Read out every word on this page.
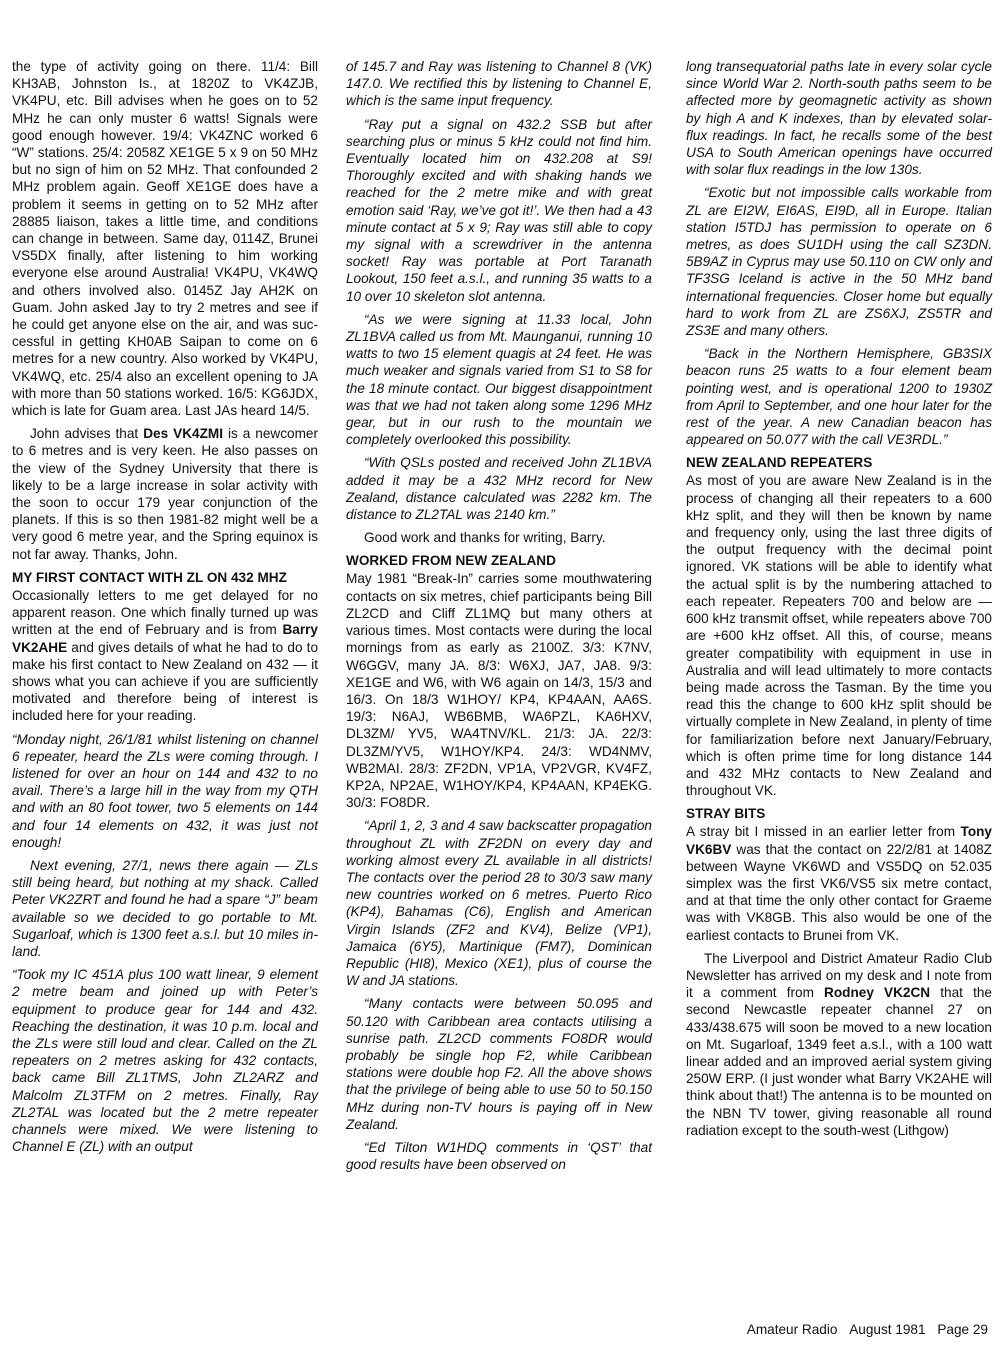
the type of activity going on there. 11/4: Bill KH3AB, Johnston Is., at 1820Z to VK4ZJB, VK4PU, etc. Bill advises when he goes on to 52 MHz he can only muster 6 watts! Signals were good enough however. 19/4: VK4ZNC worked 6 “W” stations. 25/4: 2058Z XE1GE 5 x 9 on 50 MHz but no sign of him on 52 MHz. That confounded 2 MHz problem again. Geoff XE1GE does have a problem it seems in getting on to 52 MHz after 28885 liaison, takes a little time, and conditions can change in between. Same day, 0114Z, Brunei VS5DX finally, after listening to him working everyone else around Australia! VK4PU, VK4WQ and others involved also. 0145Z Jay AH2K on Guam. John asked Jay to try 2 metres and see if he could get anyone else on the air, and was successful in getting KH0AB Saipan to come on 6 metres for a new country. Also worked by VK4PU, VK4WQ, etc. 25/4 also an excellent opening to JA with more than 50 stations worked. 16/5: KG6JDX, which is late for Guam area. Last JAs heard 14/5.

John advises that Des VK4ZMI is a newcomer to 6 metres and is very keen. He also passes on the view of the Sydney University that there is likely to be a large increase in solar activity with the soon to occur 179 year conjunction of the planets. If this is so then 1981-82 might well be a very good 6 metre year, and the Spring equinox is not far away. Thanks, John.

MY FIRST CONTACT WITH ZL ON 432 MHZ

Occasionally letters to me get delayed for no apparent reason. One which finally turned up was written at the end of February and is from Barry VK2AHE and gives details of what he had to do to make his first contact to New Zealand on 432 — it shows what you can achieve if you are sufficiently motivated and therefore being of interest is included here for your reading.

“Monday night, 26/1/81 whilst listening on channel 6 repeater, heard the ZLs were coming through. I listened for over an hour on 144 and 432 to no avail. There’s a large hill in the way from my QTH and with an 80 foot tower, two 5 elements on 144 and four 14 elements on 432, it was just not enough!

Next evening, 27/1, news there again — ZLs still being heard, but nothing at my shack. Called Peter VK2ZRT and found he had a spare “J” beam available so we decided to go portable to Mt. Sugarloaf, which is 1300 feet a.s.l. but 10 miles inland.

“Took my IC 451A plus 100 watt linear, 9 element 2 metre beam and joined up with Peter’s equipment to produce gear for 144 and 432. Reaching the destination, it was 10 p.m. local and the ZLs were still loud and clear. Called on the ZL repeaters on 2 metres asking for 432 contacts, back came Bill ZL1TMS, John ZL2ARZ and Malcolm ZL3TFM on 2 metres. Finally, Ray ZL2TAL was located but the 2 metre repeater channels were mixed. We were listening to Channel E (ZL) with an output

of 145.7 and Ray was listening to Channel 8 (VK) 147.0. We rectified this by listening to Channel E, which is the same input frequency.

“Ray put a signal on 432.2 SSB but after searching plus or minus 5 kHz could not find him. Eventually located him on 432.208 at S9! Thoroughly excited and with shaking hands we reached for the 2 metre mike and with great emotion said ‘Ray, we’ve got it!’. We then had a 43 minute contact at 5 x 9; Ray was still able to copy my signal with a screwdriver in the antenna socket! Ray was portable at Port Taranath Lookout, 150 feet a.s.l., and running 35 watts to a 10 over 10 skeleton slot antenna.

“As we were signing at 11.33 local, John ZL1BVA called us from Mt. Maunganui, running 10 watts to two 15 element quagis at 24 feet. He was much weaker and signals varied from S1 to S8 for the 18 minute contact. Our biggest disappointment was that we had not taken along some 1296 MHz gear, but in our rush to the mountain we completely overlooked this possibility.

“With QSLs posted and received John ZL1BVA added it may be a 432 MHz record for New Zealand, distance calculated was 2282 km. The distance to ZL2TAL was 2140 km.”

Good work and thanks for writing, Barry.

WORKED FROM NEW ZEALAND

May 1981 “Break-In” carries some mouthwatering contacts on six metres, chief participants being Bill ZL2CD and Cliff ZL1MQ but many others at various times. Most contacts were during the local mornings from as early as 2100Z. 3/3: K7NV, W6GGV, many JA. 8/3: W6XJ, JA7, JA8. 9/3: XE1GE and W6, with W6 again on 14/3, 15/3 and 16/3. On 18/3 W1HOY/ KP4, KP4AAN, AA6S. 19/3: N6AJ, WB6BMB, WA6PZL, KA6HXV, DL3ZM/ YV5, WA4TNV/KL. 21/3: JA. 22/3: DL3ZM/YV5, W1HOY/KP4. 24/3: WD4NMV, WB2MAI. 28/3: ZF2DN, VP1A, VP2VGR, KV4FZ, KP2A, NP2AE, W1HOY/KP4, KP4AAN, KP4EKG. 30/3: FO8DR.

“April 1, 2, 3 and 4 saw backscatter propagation throughout ZL with ZF2DN on every day and working almost every ZL available in all districts! The contacts over the period 28 to 30/3 saw many new countries worked on 6 metres. Puerto Rico (KP4), Bahamas (C6), English and American Virgin Islands (ZF2 and KV4), Belize (VP1), Jamaica (6Y5), Martinique (FM7), Dominican Republic (HI8), Mexico (XE1), plus of course the W and JA stations.

“Many contacts were between 50.095 and 50.120 with Caribbean area contacts utilising a sunrise path. ZL2CD comments FO8DR would probably be single hop F2, while Caribbean stations were double hop F2. All the above shows that the privilege of being able to use 50 to 50.150 MHz during non-TV hours is paying off in New Zealand.

“Ed Tilton W1HDQ comments in ‘QST’ that good results have been observed on

long transequatorial paths late in every solar cycle since World War 2. North-south paths seem to be affected more by geomagnetic activity as shown by high A and K indexes, than by elevated solar-flux readings. In fact, he recalls some of the best USA to South American openings have occurred with solar flux readings in the low 130s.

“Exotic but not impossible calls workable from ZL are EI2W, EI6AS, EI9D, all in Europe. Italian station I5TDJ has permission to operate on 6 metres, as does SU1DH using the call SZ3DN. 5B9AZ in Cyprus may use 50.110 on CW only and TF3SG Iceland is active in the 50 MHz band international frequencies. Closer home but equally hard to work from ZL are ZS6XJ, ZS5TR and ZS3E and many others.

“Back in the Northern Hemisphere, GB3SIX beacon runs 25 watts to a four element beam pointing west, and is operational 1200 to 1930Z from April to September, and one hour later for the rest of the year. A new Canadian beacon has appeared on 50.077 with the call VE3RDL.”

NEW ZEALAND REPEATERS

As most of you are aware New Zealand is in the process of changing all their repeaters to a 600 kHz split, and they will then be known by name and frequency only, using the last three digits of the output frequency with the decimal point ignored. VK stations will be able to identify what the actual split is by the numbering attached to each repeater. Repeaters 700 and below are —600 kHz transmit offset, while repeaters above 700 are +600 kHz offset. All this, of course, means greater compatibility with equipment in use in Australia and will lead ultimately to more contacts being made across the Tasman. By the time you read this the change to 600 kHz split should be virtually complete in New Zealand, in plenty of time for familiarization before next January/February, which is often prime time for long distance 144 and 432 MHz contacts to New Zealand and throughout VK.

STRAY BITS

A stray bit I missed in an earlier letter from Tony VK6BV was that the contact on 22/2/81 at 1408Z between Wayne VK6WD and VS5DQ on 52.035 simplex was the first VK6/VS5 six metre contact, and at that time the only other contact for Graeme was with VK8GB. This also would be one of the earliest contacts to Brunei from VK.

The Liverpool and District Amateur Radio Club Newsletter has arrived on my desk and I note from it a comment from Rodney VK2CN that the second Newcastle repeater channel 27 on 433/438.675 will soon be moved to a new location on Mt. Sugarloaf, 1349 feet a.s.l., with a 100 watt linear added and an improved aerial system giving 250W ERP. (I just wonder what Barry VK2AHE will think about that!) The antenna is to be mounted on the NBN TV tower, giving reasonable all round radiation except to the south-west (Lithgow)

Amateur Radio August 1981 Page 29
